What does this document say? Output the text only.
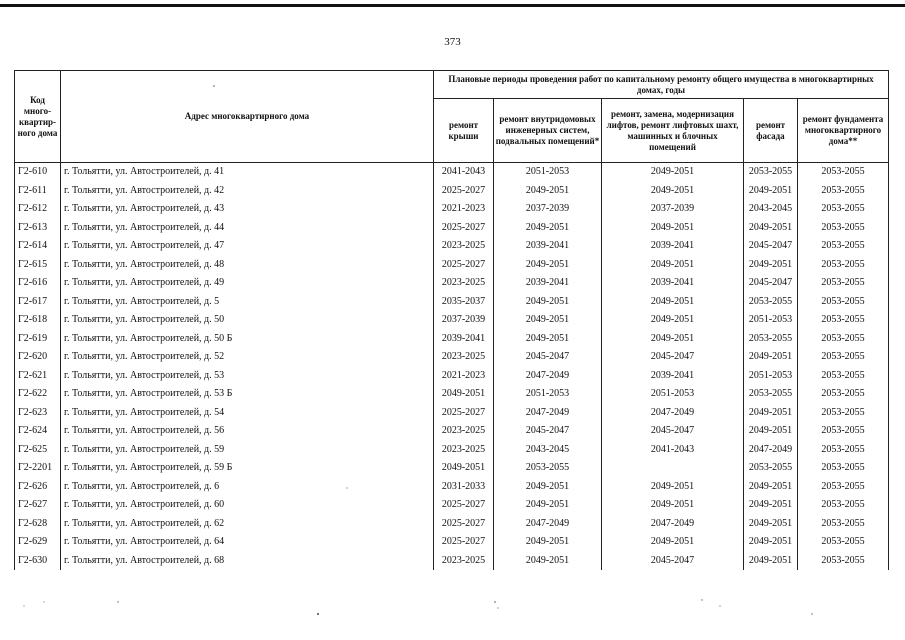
373
Код много-квартир-ного дома	Адрес многоквартирного дома	Плановые периоды проведения работ по капитальному ремонту общего имущества в многоквартирных домах, годы				
		ремонт крыши	ремонт внутридомовых инженерных систем, подвальных помещений*	ремонт, замена, модернизация лифтов, ремонт лифтовых шахт, машинных и блочных помещений	ремонт фасада	ремонт фундамента многоквартирного дома**
Г2-610	г. Тольятти, ул. Автостроителей, д. 41	2041-2043	2051-2053	2049-2051	2053-2055	2053-2055
Г2-611	г. Тольятти, ул. Автостроителей, д. 42	2025-2027	2049-2051	2049-2051	2049-2051	2053-2055
Г2-612	г. Тольятти, ул. Автостроителей, д. 43	2021-2023	2037-2039	2037-2039	2043-2045	2053-2055
Г2-613	г. Тольятти, ул. Автостроителей, д. 44	2025-2027	2049-2051	2049-2051	2049-2051	2053-2055
Г2-614	г. Тольятти, ул. Автостроителей, д. 47	2023-2025	2039-2041	2039-2041	2045-2047	2053-2055
Г2-615	г. Тольятти, ул. Автостроителей, д. 48	2025-2027	2049-2051	2049-2051	2049-2051	2053-2055
Г2-616	г. Тольятти, ул. Автостроителей, д. 49	2023-2025	2039-2041	2039-2041	2045-2047	2053-2055
Г2-617	г. Тольятти, ул. Автостроителей, д. 5	2035-2037	2049-2051	2049-2051	2053-2055	2053-2055
Г2-618	г. Тольятти, ул. Автостроителей, д. 50	2037-2039	2049-2051	2049-2051	2051-2053	2053-2055
Г2-619	г. Тольятти, ул. Автостроителей, д. 50 Б	2039-2041	2049-2051	2049-2051	2053-2055	2053-2055
Г2-620	г. Тольятти, ул. Автостроителей, д. 52	2023-2025	2045-2047	2045-2047	2049-2051	2053-2055
Г2-621	г. Тольятти, ул. Автостроителей, д. 53	2021-2023	2047-2049	2039-2041	2051-2053	2053-2055
Г2-622	г. Тольятти, ул. Автостроителей, д. 53 Б	2049-2051	2051-2053	2051-2053	2053-2055	2053-2055
Г2-623	г. Тольятти, ул. Автостроителей, д. 54	2025-2027	2047-2049	2047-2049	2049-2051	2053-2055
Г2-624	г. Тольятти, ул. Автостроителей, д. 56	2023-2025	2045-2047	2045-2047	2049-2051	2053-2055
Г2-625	г. Тольятти, ул. Автостроителей, д. 59	2023-2025	2043-2045	2041-2043	2047-2049	2053-2055
Г2-2201	г. Тольятти, ул. Автостроителей, д. 59 Б	2049-2051	2053-2055		2053-2055	2053-2055
Г2-626	г. Тольятти, ул. Автостроителей, д. 6	2031-2033	2049-2051	2049-2051	2049-2051	2053-2055
Г2-627	г. Тольятти, ул. Автостроителей, д. 60	2025-2027	2049-2051	2049-2051	2049-2051	2053-2055
Г2-628	г. Тольятти, ул. Автостроителей, д. 62	2025-2027	2047-2049	2047-2049	2049-2051	2053-2055
Г2-629	г. Тольятти, ул. Автостроителей, д. 64	2025-2027	2049-2051	2049-2051	2049-2051	2053-2055
Г2-630	г. Тольятти, ул. Автостроителей, д. 68	2023-2025	2049-2051	2045-2047	2049-2051	2053-2055
